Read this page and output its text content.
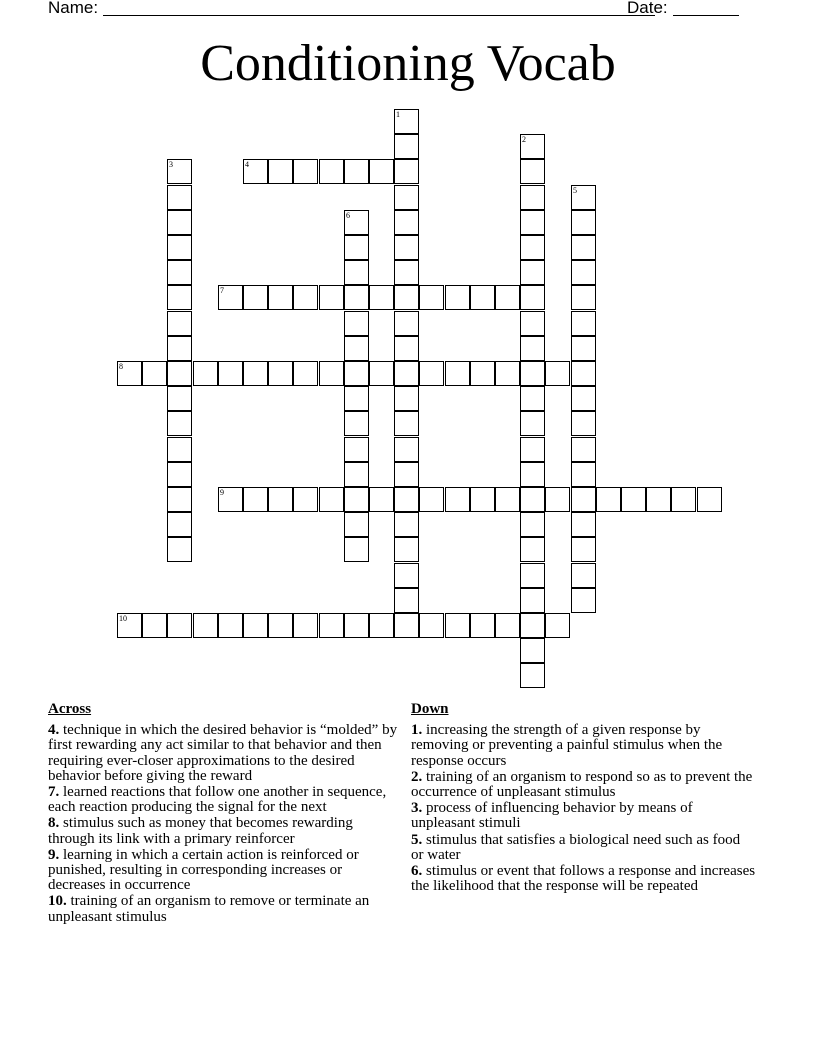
Name:	Date:
Conditioning Vocab
1
2
3	4
5
6
7
8
9
10
Across
4. technique in which the desired behavior is “molded” by first rewarding any act similar to that behavior and then requiring ever-closer approximations to the desired behavior before giving the reward
7. learned reactions that follow one another in sequence, each reaction producing the signal for the next
8. stimulus such as money that becomes rewarding through its link with a primary reinforcer
9. learning in which a certain action is reinforced or punished, resulting in corresponding increases or decreases in occurrence
10. training of an organism to remove or terminate an unpleasant stimulus
Down
1. increasing the strength of a given response by removing or preventing a painful stimulus when the response occurs
2. training of an organism to respond so as to prevent the occurrence of unpleasant stimulus
3. process of influencing behavior by means of unpleasant stimuli
5. stimulus that satisfies a biological need such as food or water
6. stimulus or event that follows a response and increases the likelihood that the response will be repeated
